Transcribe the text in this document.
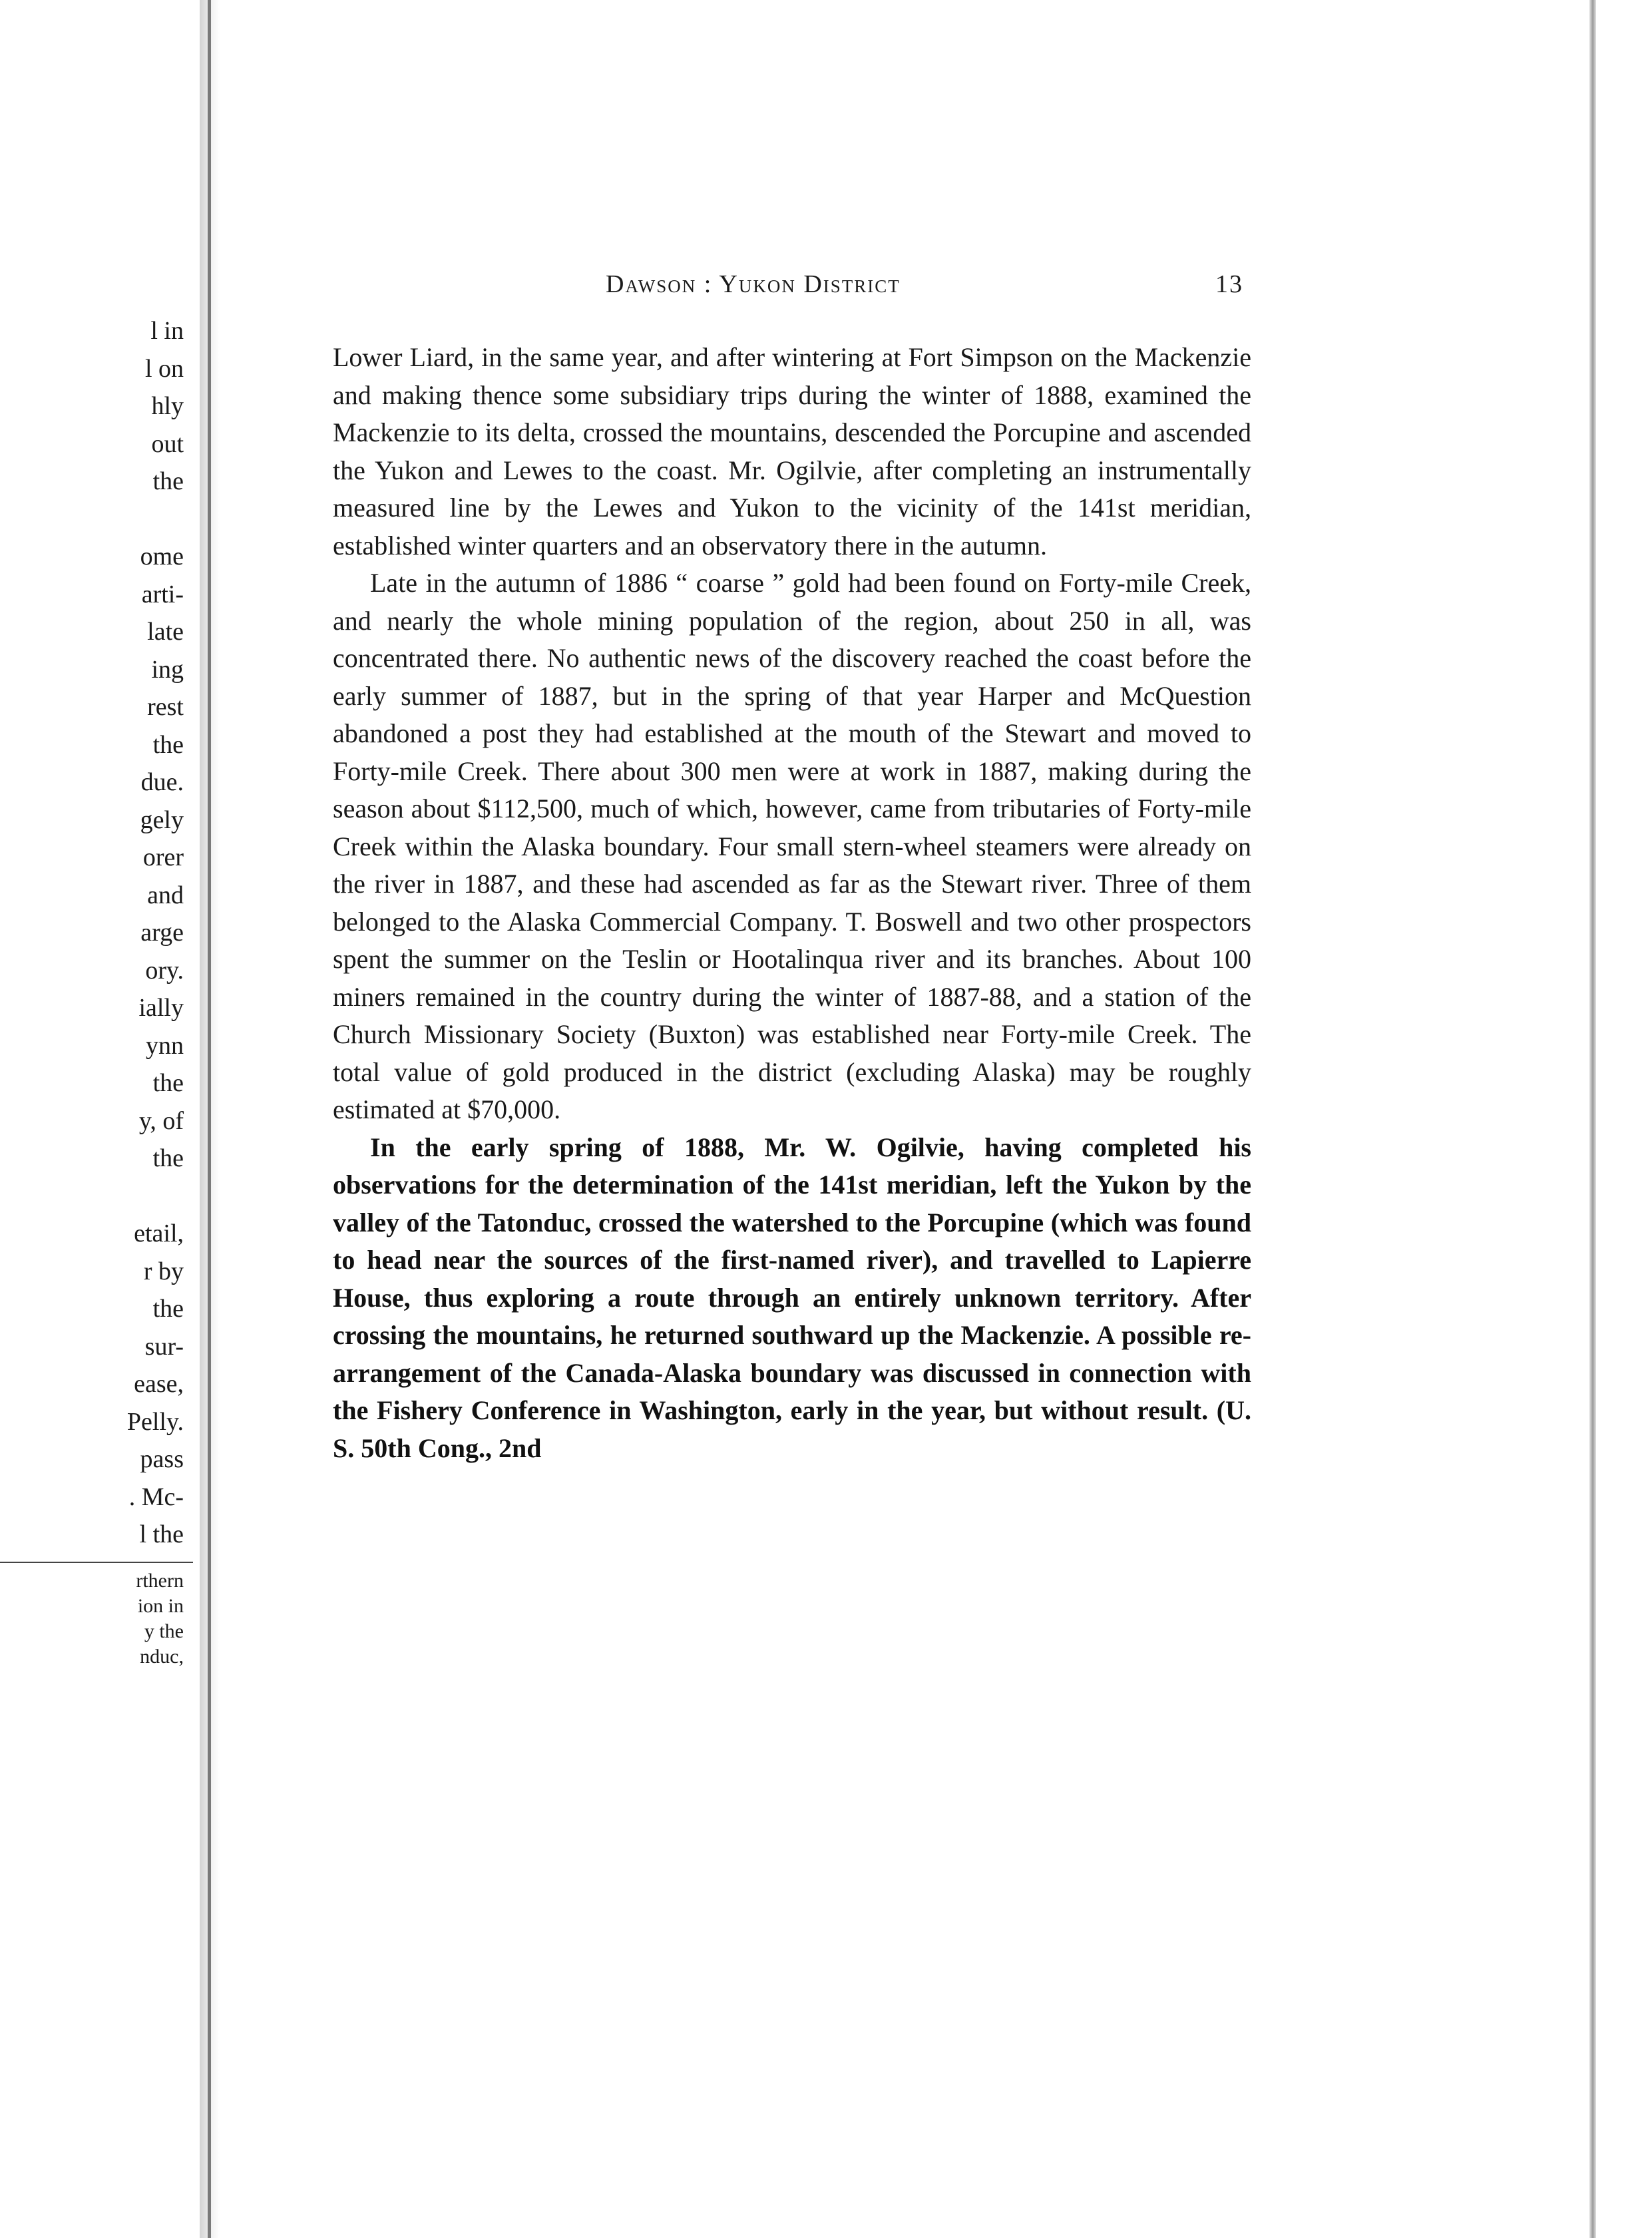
l in
l on
hly
out
the
ome
arti-
late
ing
rest
the
due.
gely
orer
and
arge
ory.
ially
ynn
the
y, of
the
etail,
r by
the
sur-
ease,
Pelly.
pass
. Mc-
l the
rthern
ion in
y the
nduc,
Dawson : Yukon District	13

Lower Liard, in the same year, and after wintering at Fort Simpson on the Mackenzie and making thence some subsidiary trips during the winter of 1888, examined the Mackenzie to its delta, crossed the mountains, descended the Porcupine and ascended the Yukon and Lewes to the coast. Mr. Ogilvie, after completing an instrumentally measured line by the Lewes and Yukon to the vicinity of the 141st meridian, established winter quarters and an observatory there in the autumn.

Late in the autumn of 1886 “ coarse ” gold had been found on Forty-mile Creek, and nearly the whole mining population of the region, about 250 in all, was concentrated there. No authentic news of the discovery reached the coast before the early summer of 1887, but in the spring of that year Harper and McQuestion abandoned a post they had established at the mouth of the Stewart and moved to Forty-mile Creek. There about 300 men were at work in 1887, making during the season about $112,500, much of which, however, came from tributaries of Forty-mile Creek within the Alaska boundary. Four small stern-wheel steamers were already on the river in 1887, and these had ascended as far as the Stewart river. Three of them belonged to the Alaska Commercial Company. T. Boswell and two other prospectors spent the summer on the Teslin or Hootalinqua river and its branches. About 100 miners remained in the country during the winter of 1887-88, and a station of the Church Missionary Society (Buxton) was established near Forty-mile Creek. The total value of gold produced in the district (excluding Alaska) may be roughly estimated at $70,000.

In the early spring of 1888, Mr. W. Ogilvie, having completed his observations for the determination of the 141st meridian, left the Yukon by the valley of the Tatonduc, crossed the watershed to the Porcupine (which was found to head near the sources of the first-named river), and travelled to Lapierre House, thus exploring a route through an entirely unknown territory. After crossing the mountains, he returned southward up the Mackenzie. A possible re-arrangement of the Canada-Alaska boundary was discussed in connection with the Fishery Conference in Washington, early in the year, but without result. (U. S. 50th Cong., 2nd
